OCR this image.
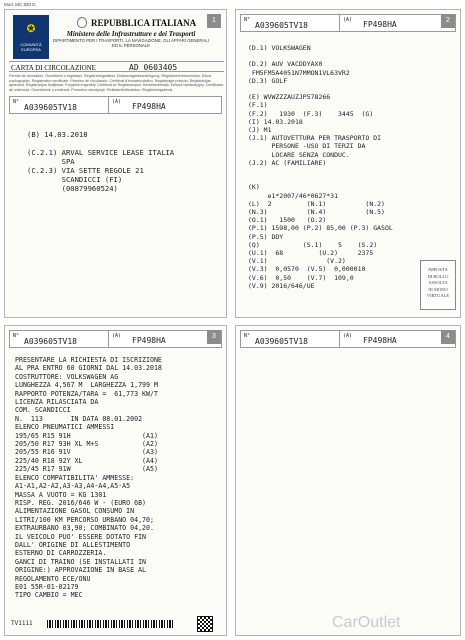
Mod. MC 820 D
✪
COMUNITÀ EUROPEA
REPUBBLICA ITALIANA	1
Ministero delle Infrastrutture e dei Trasporti
DIPARTIMENTO PER I TRASPORTI, LA NAVIGAZIONE, GLI AFFARI GENERALI ED IL PERSONALE
CARTA DI CIRCOLAZIONE	AD 0603405
Permis de circulation. Osvědčení o registraci. Registreringsattest. Zulassungsbescheinigung. Registreerimistunnistus. Άδεια κυκλοφορίας. Registration certificate. Permiso de circulación. Certificat d'immatriculation. Registrirajte potvrdu. Reģistrācijas apliecība. Registracijos liudijimas. Forgalmi engedély. Certificat ta' Registrazzjoni. Kentekenbewijs. Dowód rejestracyjny. Certificado de matrícula. Osvedčenie o evidencii. Prometno dovoljenje. Rekisteröintitodistus. Registreringsbevis
N°
A039605TV18
(A) FP498HA
(B) 14.03.2018

(C.2.1) ARVAL SERVICE LEASE ITALIA
SPA
(C.2.3) VIA SETTE REGOLE 21
SCANDICCI (FI)
(00879960524)
N°
A039605TV18
(A) FP498HA	2
(D.1) VOLKSWAGEN

(D.2) AUV VACDDYAX0
FM5FM5A4051N7MMON1VL63VR2
(D.3) GOLF

(E) WVWZZZAUZJP578266
(F.1)
(F.2)   1930  (F.3)    3445  (G)
(I) 14.03.2018
(J) M1
(J.1) AUTOVETTURA PER TRASPORTO DI
PERSONE -USO DI TERZI DA
LOCARE SENZA CONDUC.
(J.2) AC (FAMILIARE)

(K)
e1*2007/46*0627*31
(L)  2         (N.1)          (N.2)
(N.3)          (N.4)          (N.5)
(O.1)   1500   (O.2)
(P.1) 1598,00 (P.2) 85,00 (P.3) GASOL
(P.5) DDY
(Q)           (S.1)    5    (S.2)
(U.1)  68         (U.2)     2375
(V.1)               (V.2)
(V.3)  0,0570  (V.5)  0,000010
(V.6)  0,50    (V.7)  109,0
(V.9) 2016/646/UE
IMPOSTA
DI BOLLO
ASSOLTA
IN MODO
VIRTUALE
N°
A039605TV18
(A) FP498HA	3
PRESENTARE LA RICHIESTA DI ISCRIZIONE
AL PRA ENTRO 60 GIORNI DAL 14.03.2018
COSTRUTTORE: VOLKSWAGEN AG
LUNGHEZZA 4,567 M  LARGHEZZA 1,799 M
RAPPORTO POTENZA/TARA =  61,773 KW/T
LICENZA RILASCIATA DA
COM. SCANDICCI
N.  113       IN DATA 08.01.2002
ELENCO PNEUMATICI AMMESSI
195/65 R15 91H                  (A1)
205/50 R17 93H XL M+S           (A2)
205/55 R16 91V                  (A3)
225/40 R18 92Y XL               (A4)
225/45 R17 91W                  (A5)
ELENCO COMPATIBILITA' AMMESSE:
A1-A1,A2-A2,A3-A3,A4-A4,A5-A5
MASSA A VUOTO = KG 1301
RISP. REG. 2016/646 W - (EURO 6B)
ALIMENTAZIONE GASOL CONSUMO IN
LITRI/100 KM PERCORSO URBANO 04,70;
EXTRAURBANO 03,90; COMBINATO 04,20.
IL VEICOLO PUO' ESSERE DOTATO FIN
DALL' ORIGINE DI ALLESTIMENTO
ESTERNO DI CARROZZERIA.
GANCI DI TRAINO (SE INSTALLATI IN
ORIGINE:) APPROVAZIONE IN BASE AL
REGOLAMENTO ECE/ONU
E01 55R-01-02179
TIPO CAMBIO = MEC
TV1111
N°
A039605TV18
(A) FP498HA	4
CarOutlet
